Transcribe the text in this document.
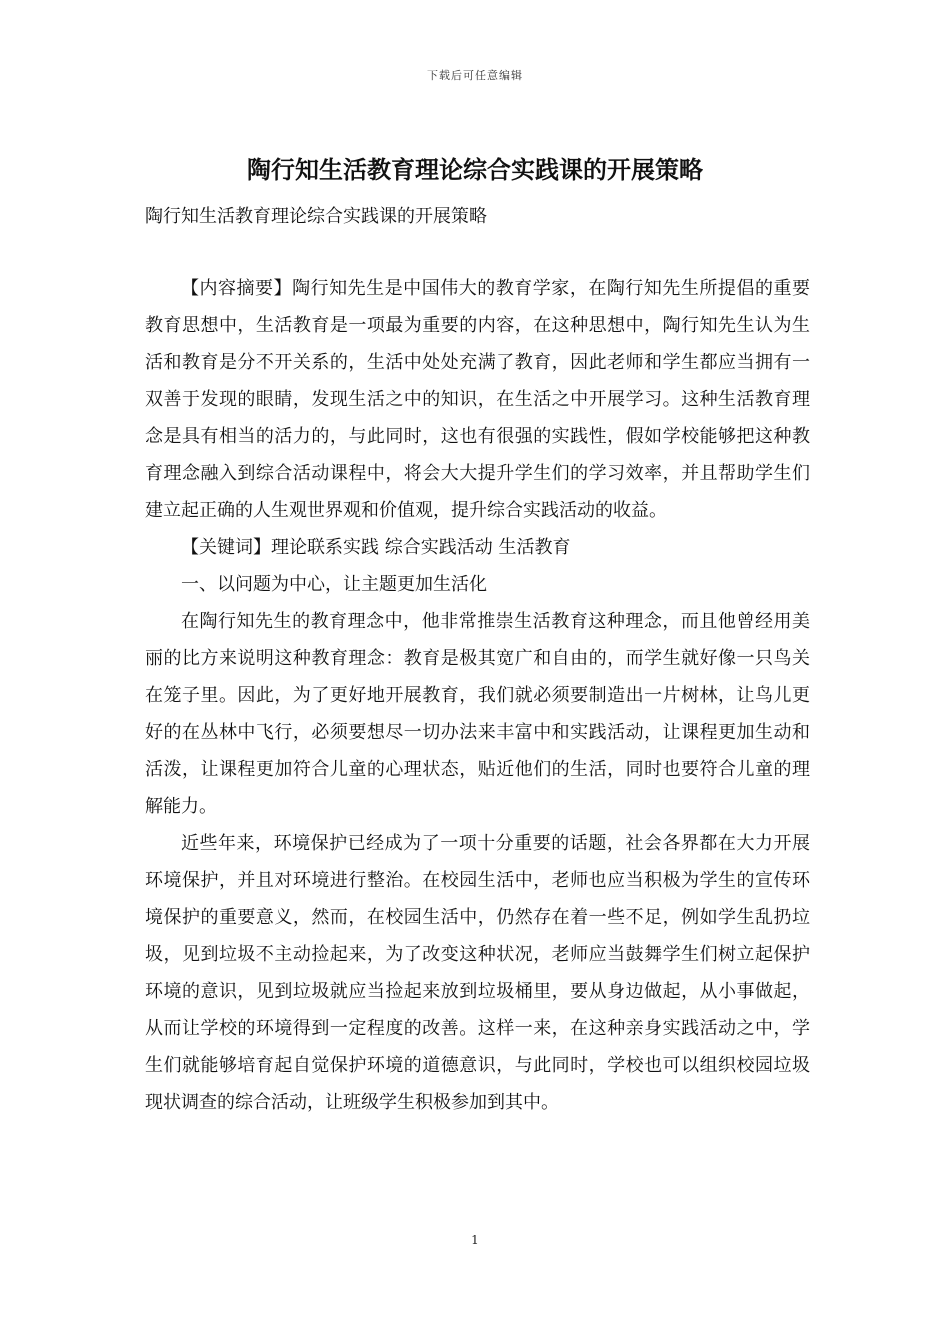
下载后可任意编辑
陶行知生活教育理论综合实践课的开展策略
陶行知生活教育理论综合实践课的开展策略

【内容摘要】陶行知先生是中国伟大的教育学家，在陶行知先生所提倡的重要教育思想中，生活教育是一项最为重要的内容，在这种思想中，陶行知先生认为生活和教育是分不开关系的，生活中处处充满了教育，因此老师和学生都应当拥有一双善于发现的眼睛，发现生活之中的知识，在生活之中开展学习。这种生活教育理念是具有相当的活力的，与此同时，这也有很强的实践性，假如学校能够把这种教育理念融入到综合活动课程中，将会大大提升学生们的学习效率，并且帮助学生们建立起正确的人生观世界观和价值观，提升综合实践活动的收益。

【关键词】理论联系实践 综合实践活动 生活教育

一、以问题为中心，让主题更加生活化

在陶行知先生的教育理念中，他非常推崇生活教育这种理念，而且他曾经用美丽的比方来说明这种教育理念：教育是极其宽广和自由的，而学生就好像一只鸟关在笼子里。因此，为了更好地开展教育，我们就必须要制造出一片树林，让鸟儿更好的在丛林中飞行，必须要想尽一切办法来丰富中和实践活动，让课程更加生动和活泼，让课程更加符合儿童的心理状态，贴近他们的生活，同时也要符合儿童的理解能力。

近些年来，环境保护已经成为了一项十分重要的话题，社会各界都在大力开展环境保护，并且对环境进行整治。在校园生活中，老师也应当积极为学生的宣传环境保护的重要意义，然而，在校园生活中，仍然存在着一些不足，例如学生乱扔垃圾，见到垃圾不主动捡起来，为了改变这种状况，老师应当鼓舞学生们树立起保护环境的意识，见到垃圾就应当捡起来放到垃圾桶里，要从身边做起，从小事做起，从而让学校的环境得到一定程度的改善。这样一来，在这种亲身实践活动之中，学生们就能够培育起自觉保护环境的道德意识，与此同时，学校也可以组织校园垃圾现状调查的综合活动，让班级学生积极参加到其中。

1
